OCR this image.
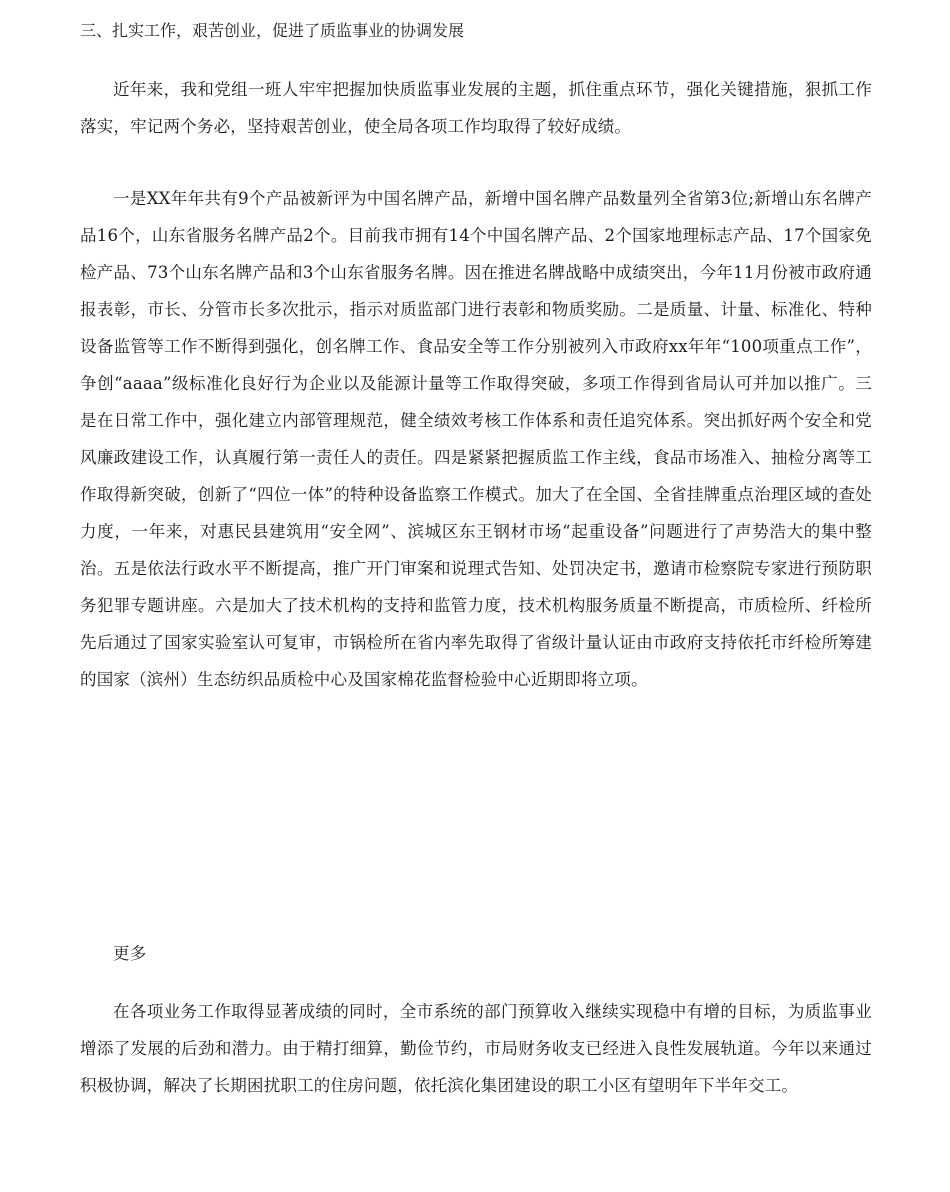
三、扎实工作，艰苦创业，促进了质监事业的协调发展

近年来，我和党组一班人牢牢把握加快质监事业发展的主题，抓住重点环节，强化关键措施，狠抓工作落实，牢记两个务必，坚持艰苦创业，使全局各项工作均取得了较好成绩。

一是XX年年共有9个产品被新评为中国名牌产品，新增中国名牌产品数量列全省第3位;新增山东名牌产品16个，山东省服务名牌产品2个。目前我市拥有14个中国名牌产品、2个国家地理标志产品、17个国家免检产品、73个山东名牌产品和3个山东省服务名牌。因在推进名牌战略中成绩突出，今年11月份被市政府通报表彰，市长、分管市长多次批示，指示对质监部门进行表彰和物质奖励。二是质量、计量、标准化、特种设备监管等工作不断得到强化，创名牌工作、食品安全等工作分别被列入市政府xx年年“100项重点工作”，争创“aaaa”级标准化良好行为企业以及能源计量等工作取得突破，多项工作得到省局认可并加以推广。三是在日常工作中，强化建立内部管理规范，健全绩效考核工作体系和责任追究体系。突出抓好两个安全和党风廉政建设工作，认真履行第一责任人的责任。四是紧紧把握质监工作主线，食品市场准入、抽检分离等工作取得新突破，创新了“四位一体”的特种设备监察工作模式。加大了在全国、全省挂牌重点治理区域的查处力度，一年来，对惠民县建筑用“安全网”、滨城区东王钢材市场“起重设备”问题进行了声势浩大的集中整治。五是依法行政水平不断提高，推广开门审案和说理式告知、处罚决定书，邀请市检察院专家进行预防职务犯罪专题讲座。六是加大了技术机构的支持和监管力度，技术机构服务质量不断提高，市质检所、纤检所先后通过了国家实验室认可复审，市锅检所在省内率先取得了省级计量认证由市政府支持依托市纤检所筹建的国家（滨州）生态纺织品质检中心及国家棉花监督检验中心近期即将立项。

更多

在各项业务工作取得显著成绩的同时，全市系统的部门预算收入继续实现稳中有增的目标，为质监事业增添了发展的后劲和潜力。由于精打细算，勤俭节约，市局财务收支已经进入良性发展轨道。今年以来通过积极协调，解决了长期困扰职工的住房问题，依托滨化集团建设的职工小区有望明年下半年交工。
